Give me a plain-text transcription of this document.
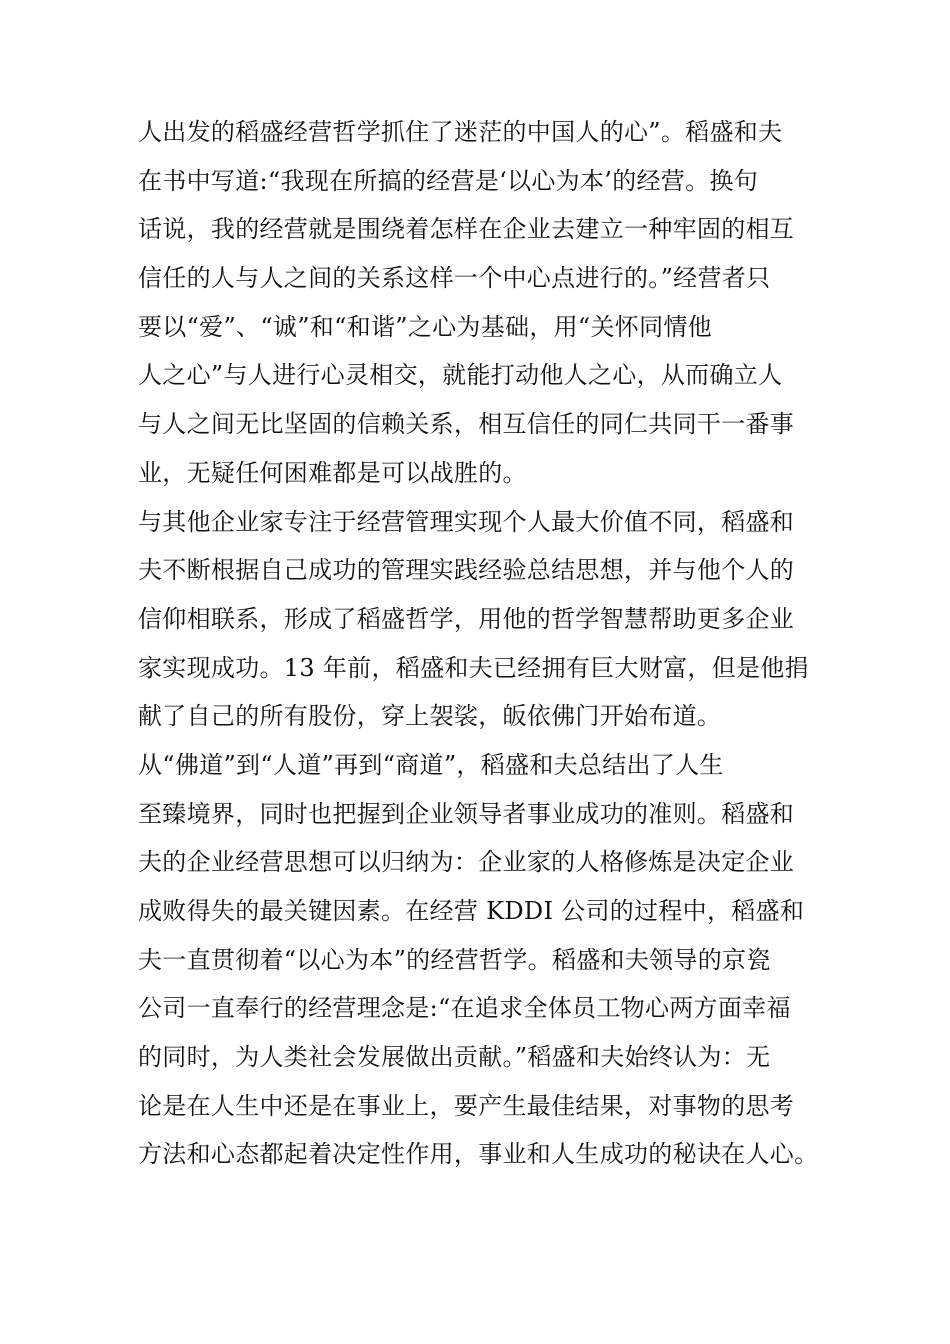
人出发的稻盛经营哲学抓住了迷茫的中国人的心”。稻盛和夫
在书中写道:“我现在所搞的经营是‘以心为本’的经营。换句
话说，我的经营就是围绕着怎样在企业去建立一种牢固的相互
信任的人与人之间的关系这样一个中心点进行的。”经营者只
要以“爱”、“诚”和“和谐”之心为基础，用“关怀同情他
人之心”与人进行心灵相交，就能打动他人之心，从而确立人
与人之间无比坚固的信赖关系，相互信任的同仁共同干一番事
业，无疑任何困难都是可以战胜的。
与其他企业家专注于经营管理实现个人最大价值不同，稻盛和
夫不断根据自己成功的管理实践经验总结思想，并与他个人的
信仰相联系，形成了稻盛哲学，用他的哲学智慧帮助更多企业
家实现成功。13 年前，稻盛和夫已经拥有巨大财富，但是他捐
献了自己的所有股份，穿上袈裟，皈依佛门开始布道。
从“佛道”到“人道”再到“商道”，稻盛和夫总结出了人生
至臻境界，同时也把握到企业领导者事业成功的准则。稻盛和
夫的企业经营思想可以归纳为：企业家的人格修炼是决定企业
成败得失的最关键因素。在经营 KDDI 公司的过程中，稻盛和
夫一直贯彻着“以心为本”的经营哲学。稻盛和夫领导的京瓷
公司一直奉行的经营理念是:“在追求全体员工物心两方面幸福
的同时，为人类社会发展做出贡献。”稻盛和夫始终认为：无
论是在人生中还是在事业上，要产生最佳结果，对事物的思考
方法和心态都起着决定性作用，事业和人生成功的秘诀在人心。
